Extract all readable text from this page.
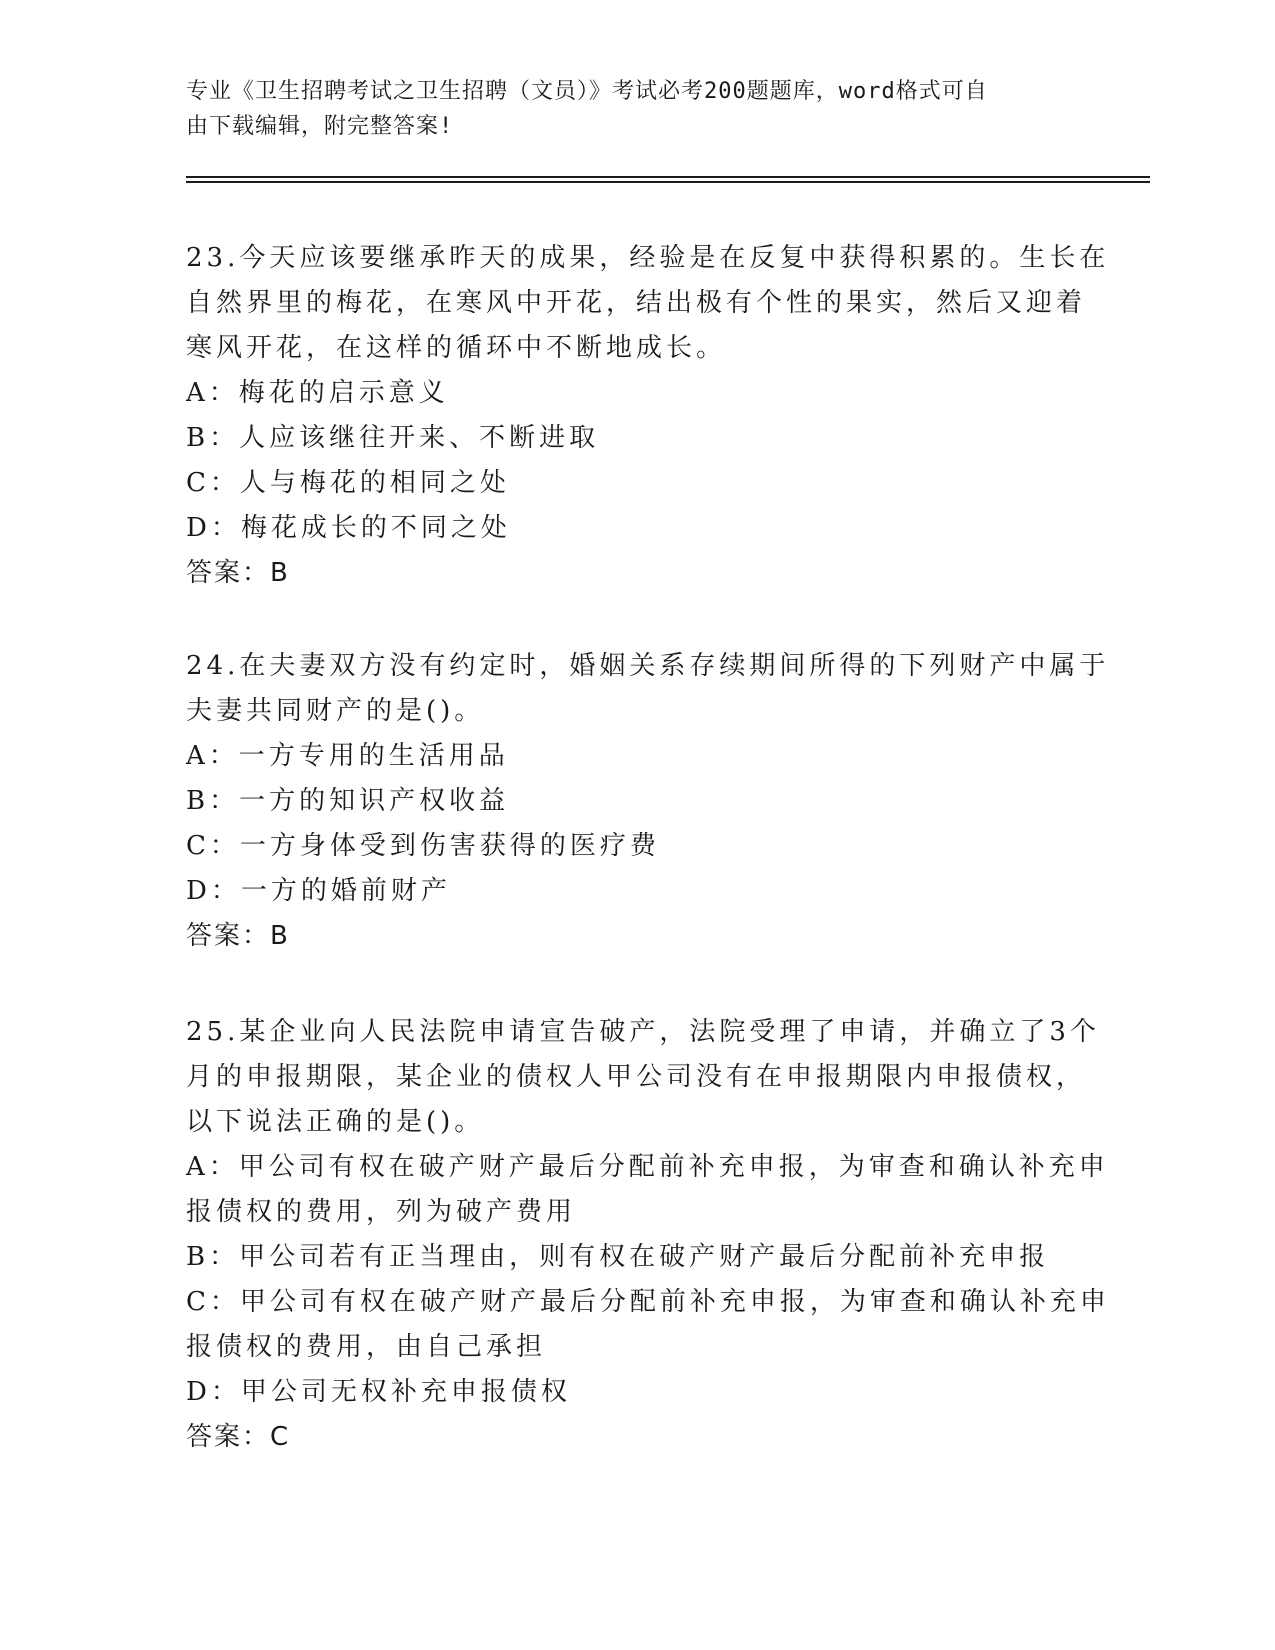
专业《卫生招聘考试之卫生招聘（文员）》考试必考200题题库，word格式可自
由下载编辑，附完整答案!
23.今天应该要继承昨天的成果，经验是在反复中获得积累的。生长在
自然界里的梅花，在寒风中开花，结出极有个性的果实，然后又迎着
寒风开花，在这样的循环中不断地成长。
A：梅花的启示意义
B：人应该继往开来、不断进取
C：人与梅花的相同之处
D：梅花成长的不同之处
答案：B
24.在夫妻双方没有约定时，婚姻关系存续期间所得的下列财产中属于
夫妻共同财产的是()。
A：一方专用的生活用品
B：一方的知识产权收益
C：一方身体受到伤害获得的医疗费
D：一方的婚前财产
答案：B
25.某企业向人民法院申请宣告破产，法院受理了申请，并确立了3个
月的申报期限，某企业的债权人甲公司没有在申报期限内申报债权，
以下说法正确的是()。
A：甲公司有权在破产财产最后分配前补充申报，为审查和确认补充申
报债权的费用，列为破产费用
B：甲公司若有正当理由，则有权在破产财产最后分配前补充申报
C：甲公司有权在破产财产最后分配前补充申报，为审查和确认补充申
报债权的费用，由自己承担
D：甲公司无权补充申报债权
答案：C
